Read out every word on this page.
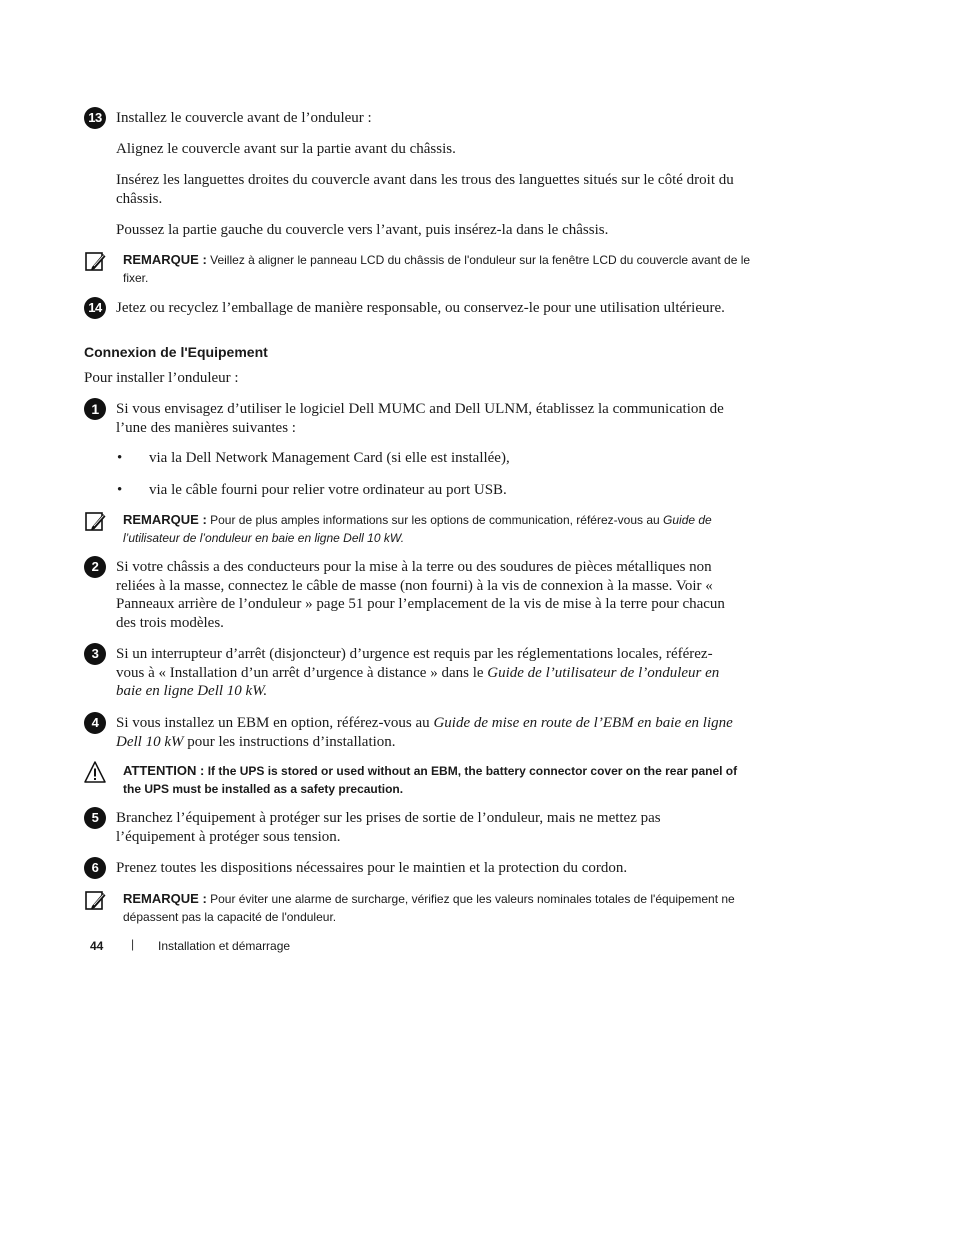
13 Installez le couvercle avant de l’onduleur :
Alignez le couvercle avant sur la partie avant du châssis.
Insérez les languettes droites du couvercle avant dans les trous des languettes situés sur le côté droit du châssis.
Poussez la partie gauche du couvercle vers l’avant, puis insérez-la dans le châssis.
REMARQUE : Veillez à aligner le panneau LCD du châssis de l'onduleur sur la fenêtre LCD du couvercle avant de le fixer.
14 Jetez ou recyclez l’emballage de manière responsable, ou conservez-le pour une utilisation ultérieure.
Connexion de l'Equipement
Pour installer l’onduleur :
1	Si vous envisagez d’utiliser le logiciel Dell MUMC and Dell ULNM, établissez la communication de l’une des manières suivantes :
• via la Dell Network Management Card (si elle est installée),
• via le câble fourni pour relier votre ordinateur au port USB.
REMARQUE : Pour de plus amples informations sur les options de communication, référez-vous au Guide de l’utilisateur de l’onduleur en baie en ligne Dell 10 kW.
2	Si votre châssis a des conducteurs pour la mise à la terre ou des soudures de pièces métalliques non reliées à la masse, connectez le câble de masse (non fourni) à la vis de connexion à la masse. Voir « Panneaux arrière de l’onduleur » page 51 pour l’emplacement de la vis de mise à la terre pour chacun des trois modèles.
3	Si un interrupteur d’arrêt (disjoncteur) d’urgence est requis par les réglementations locales, référez-vous à « Installation d’un arrêt d’urgence à distance » dans le Guide de l’utilisateur de l’onduleur en baie en ligne Dell 10 kW.
4	Si vous installez un EBM en option, référez-vous au Guide de mise en route de l’EBM en baie en ligne Dell 10 kW pour les instructions d’installation.
ATTENTION : If the UPS is stored or used without an EBM, the battery connector cover on the rear panel of the UPS must be installed as a safety precaution.
5	Branchez l’équipement à protéger sur les prises de sortie de l’onduleur, mais ne mettez pas l’équipement à protéger sous tension.
6	Prenez toutes les dispositions nécessaires pour le maintien et la protection du cordon.
REMARQUE : Pour éviter une alarme de surcharge, vérifiez que les valeurs nominales totales de l'équipement ne dépassent pas la capacité de l'onduleur.
44 | Installation et démarrage
